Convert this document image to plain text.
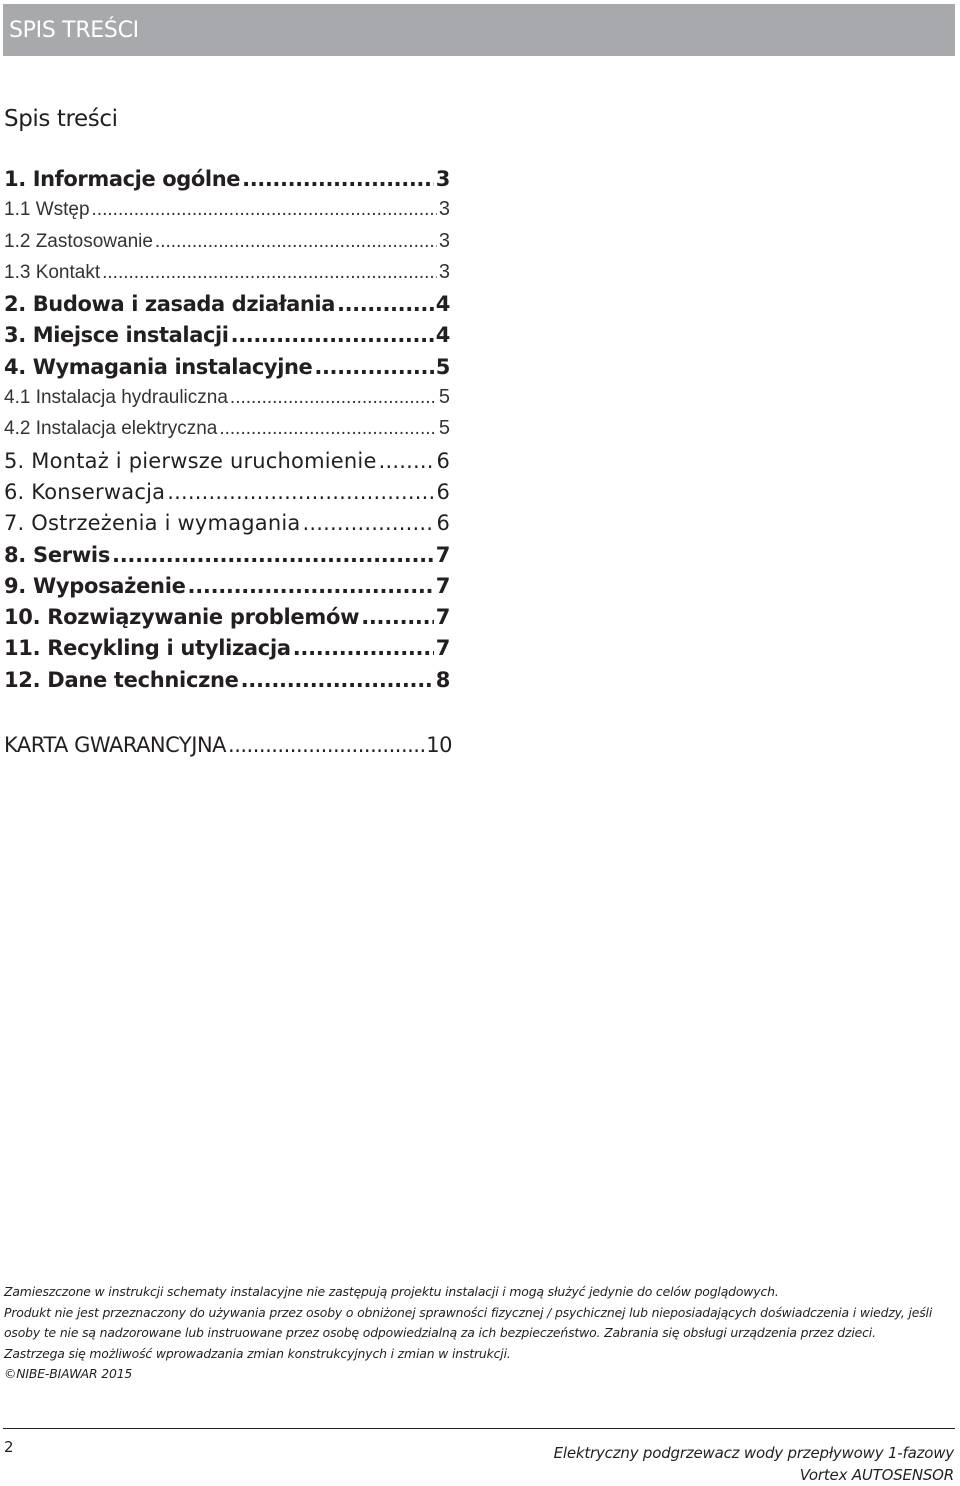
SPIS TREŚCI
Spis treści
1. Informacje ogólne .....	3
1.1 Wstęp .....	3
1.2 Zastosowanie .....	3
1.3 Kontakt .....	3
2. Budowa i zasada działania .....	4
3. Miejsce instalacji .....	4
4. Wymagania instalacyjne .....	5
4.1 Instalacja hydrauliczna .....	5
4.2 Instalacja elektryczna .....	5
5. Montaż i pierwsze uruchomienie .....	6
6. Konserwacja .....	6
7. Ostrzeżenia i wymagania .....	6
8. Serwis .....	7
9. Wyposażenie .....	7
10. Rozwiązywanie problemów .....	7
11. Recykling i utylizacja .....	7
12. Dane techniczne .....	8
KARTA GWARANCYJNA .....	10

Zamieszczone w instrukcji schematy instalacyjne nie zastępują projektu instalacji i mogą służyć jedynie do celów poglądowych.

Produkt nie jest przeznaczony do używania przez osoby o obniżonej sprawności fizycznej / psychicznej lub nieposiadających doświadczenia i wiedzy, jeśli osoby te nie są nadzorowane lub instruowane przez osobę odpowiedzialną za ich bezpieczeństwo. Zabrania się obsługi urządzenia przez dzieci.

Zastrzega się możliwość wprowadzania zmian konstrukcyjnych i zmian w instrukcji.

©NIBE-BIAWAR 2015

2	Elektryczny podgrzewacz wody przepływowy 1-fazowy
Vortex AUTOSENSOR
